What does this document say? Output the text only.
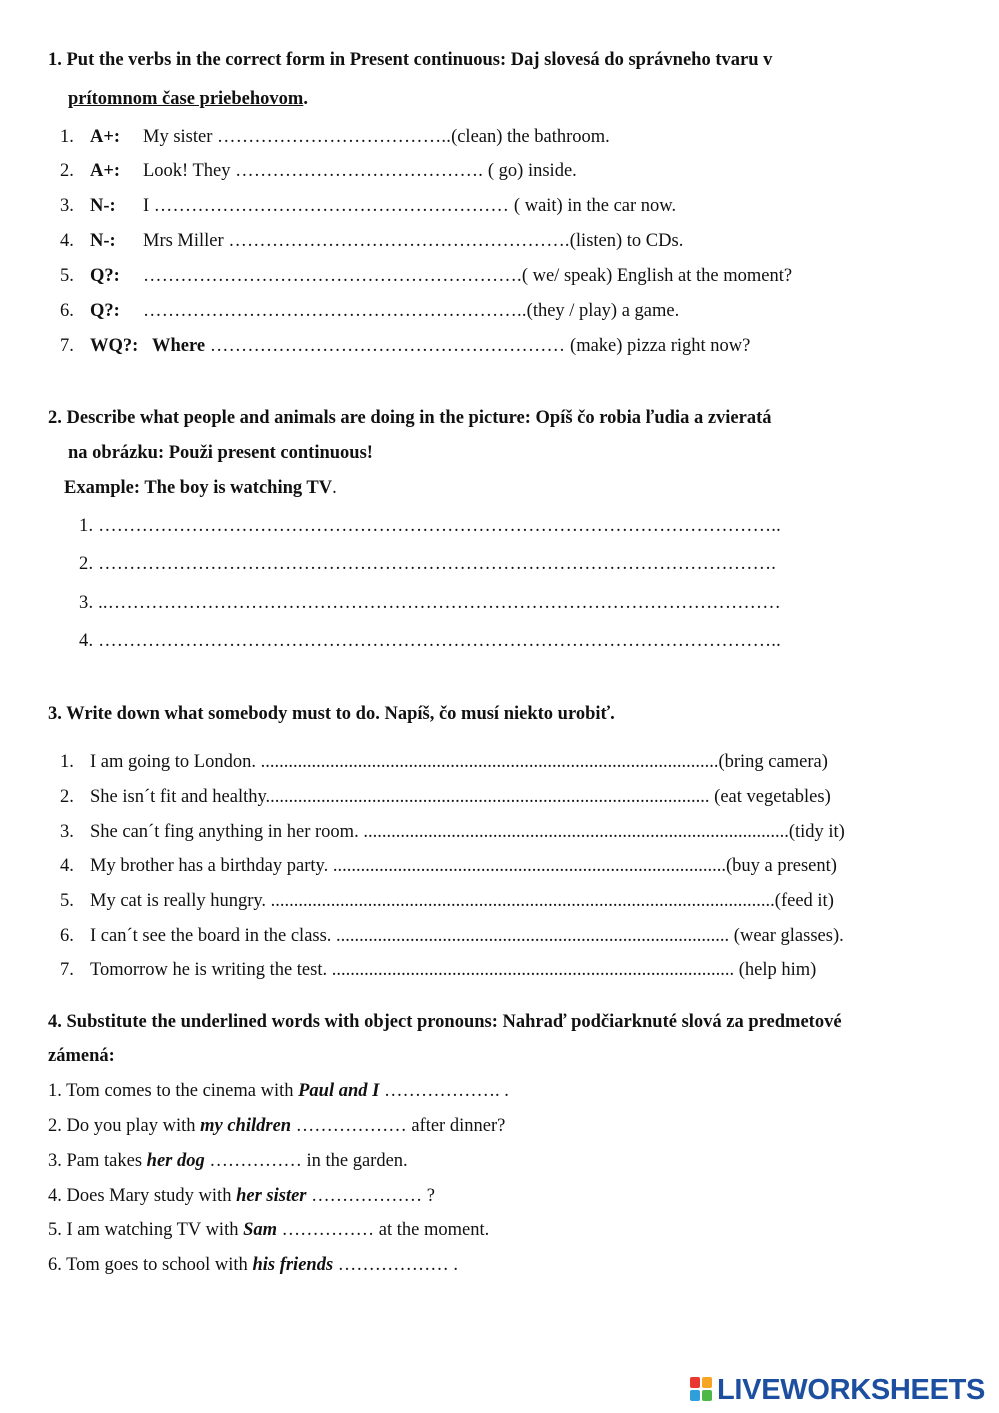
1. Put the verbs in the correct form in Present continuous: Daj slovesá do správneho tvaru v
prítomnom čase priebehovom.
1. A+: My sister ………………………………..(clean) the bathroom.
2. A+: Look! They …………………………………. ( go) inside.
3. N-: I ………………………………………………… ( wait) in the car now.
4. N-: Mrs Miller ……………………………………………….(listen) to CDs.
5. Q?: …………………………………………………….( we/ speak) English at the moment?
6. Q?: ……………………………………………………..(they / play) a game.
7. WQ?: Where ………………………………………………… (make) pizza right now?
2. Describe what people and animals are doing in the picture: Opíš čo robia ľudia a zvieratá
na obrázku: Použi present continuous!
Example: The boy is watching TV.
1. ………………………………………………………………………………………………..
2. ……………………………………………………………………………………………….
3. ..………………………………………………………………………………………………
4. ………………………………………………………………………………………………..
3. Write down what somebody must to do. Napíš, čo musí niekto urobiť.
1. I am going to London. ...................................................................................................(bring camera)
2. She isn´t fit and healthy................................................................................................ (eat vegetables)
3. She can´t fing anything in her room. ............................................................................................(tidy it)
4. My brother has a birthday party. .....................................................................................(buy a present)
5. My cat is really hungry. .............................................................................................................(feed it)
6. I can´t see the board in the class. ..................................................................................... (wear glasses).
7. Tomorrow he is writing the test. ....................................................................................... (help him)
4. Substitute the underlined words with object pronouns: Nahraď podčiarknuté slová za predmetové
zámená:
1. Tom comes to the cinema with Paul and I ………………. .
2. Do you play with my children ……………… after dinner?
3. Pam takes her dog …………… in the garden.
4. Does Mary study with her sister ……………… ?
5. I am watching TV with Sam …………… at the moment.
6. Tom goes to school with his friends ……………… .
LIVEWORKSHEETS
